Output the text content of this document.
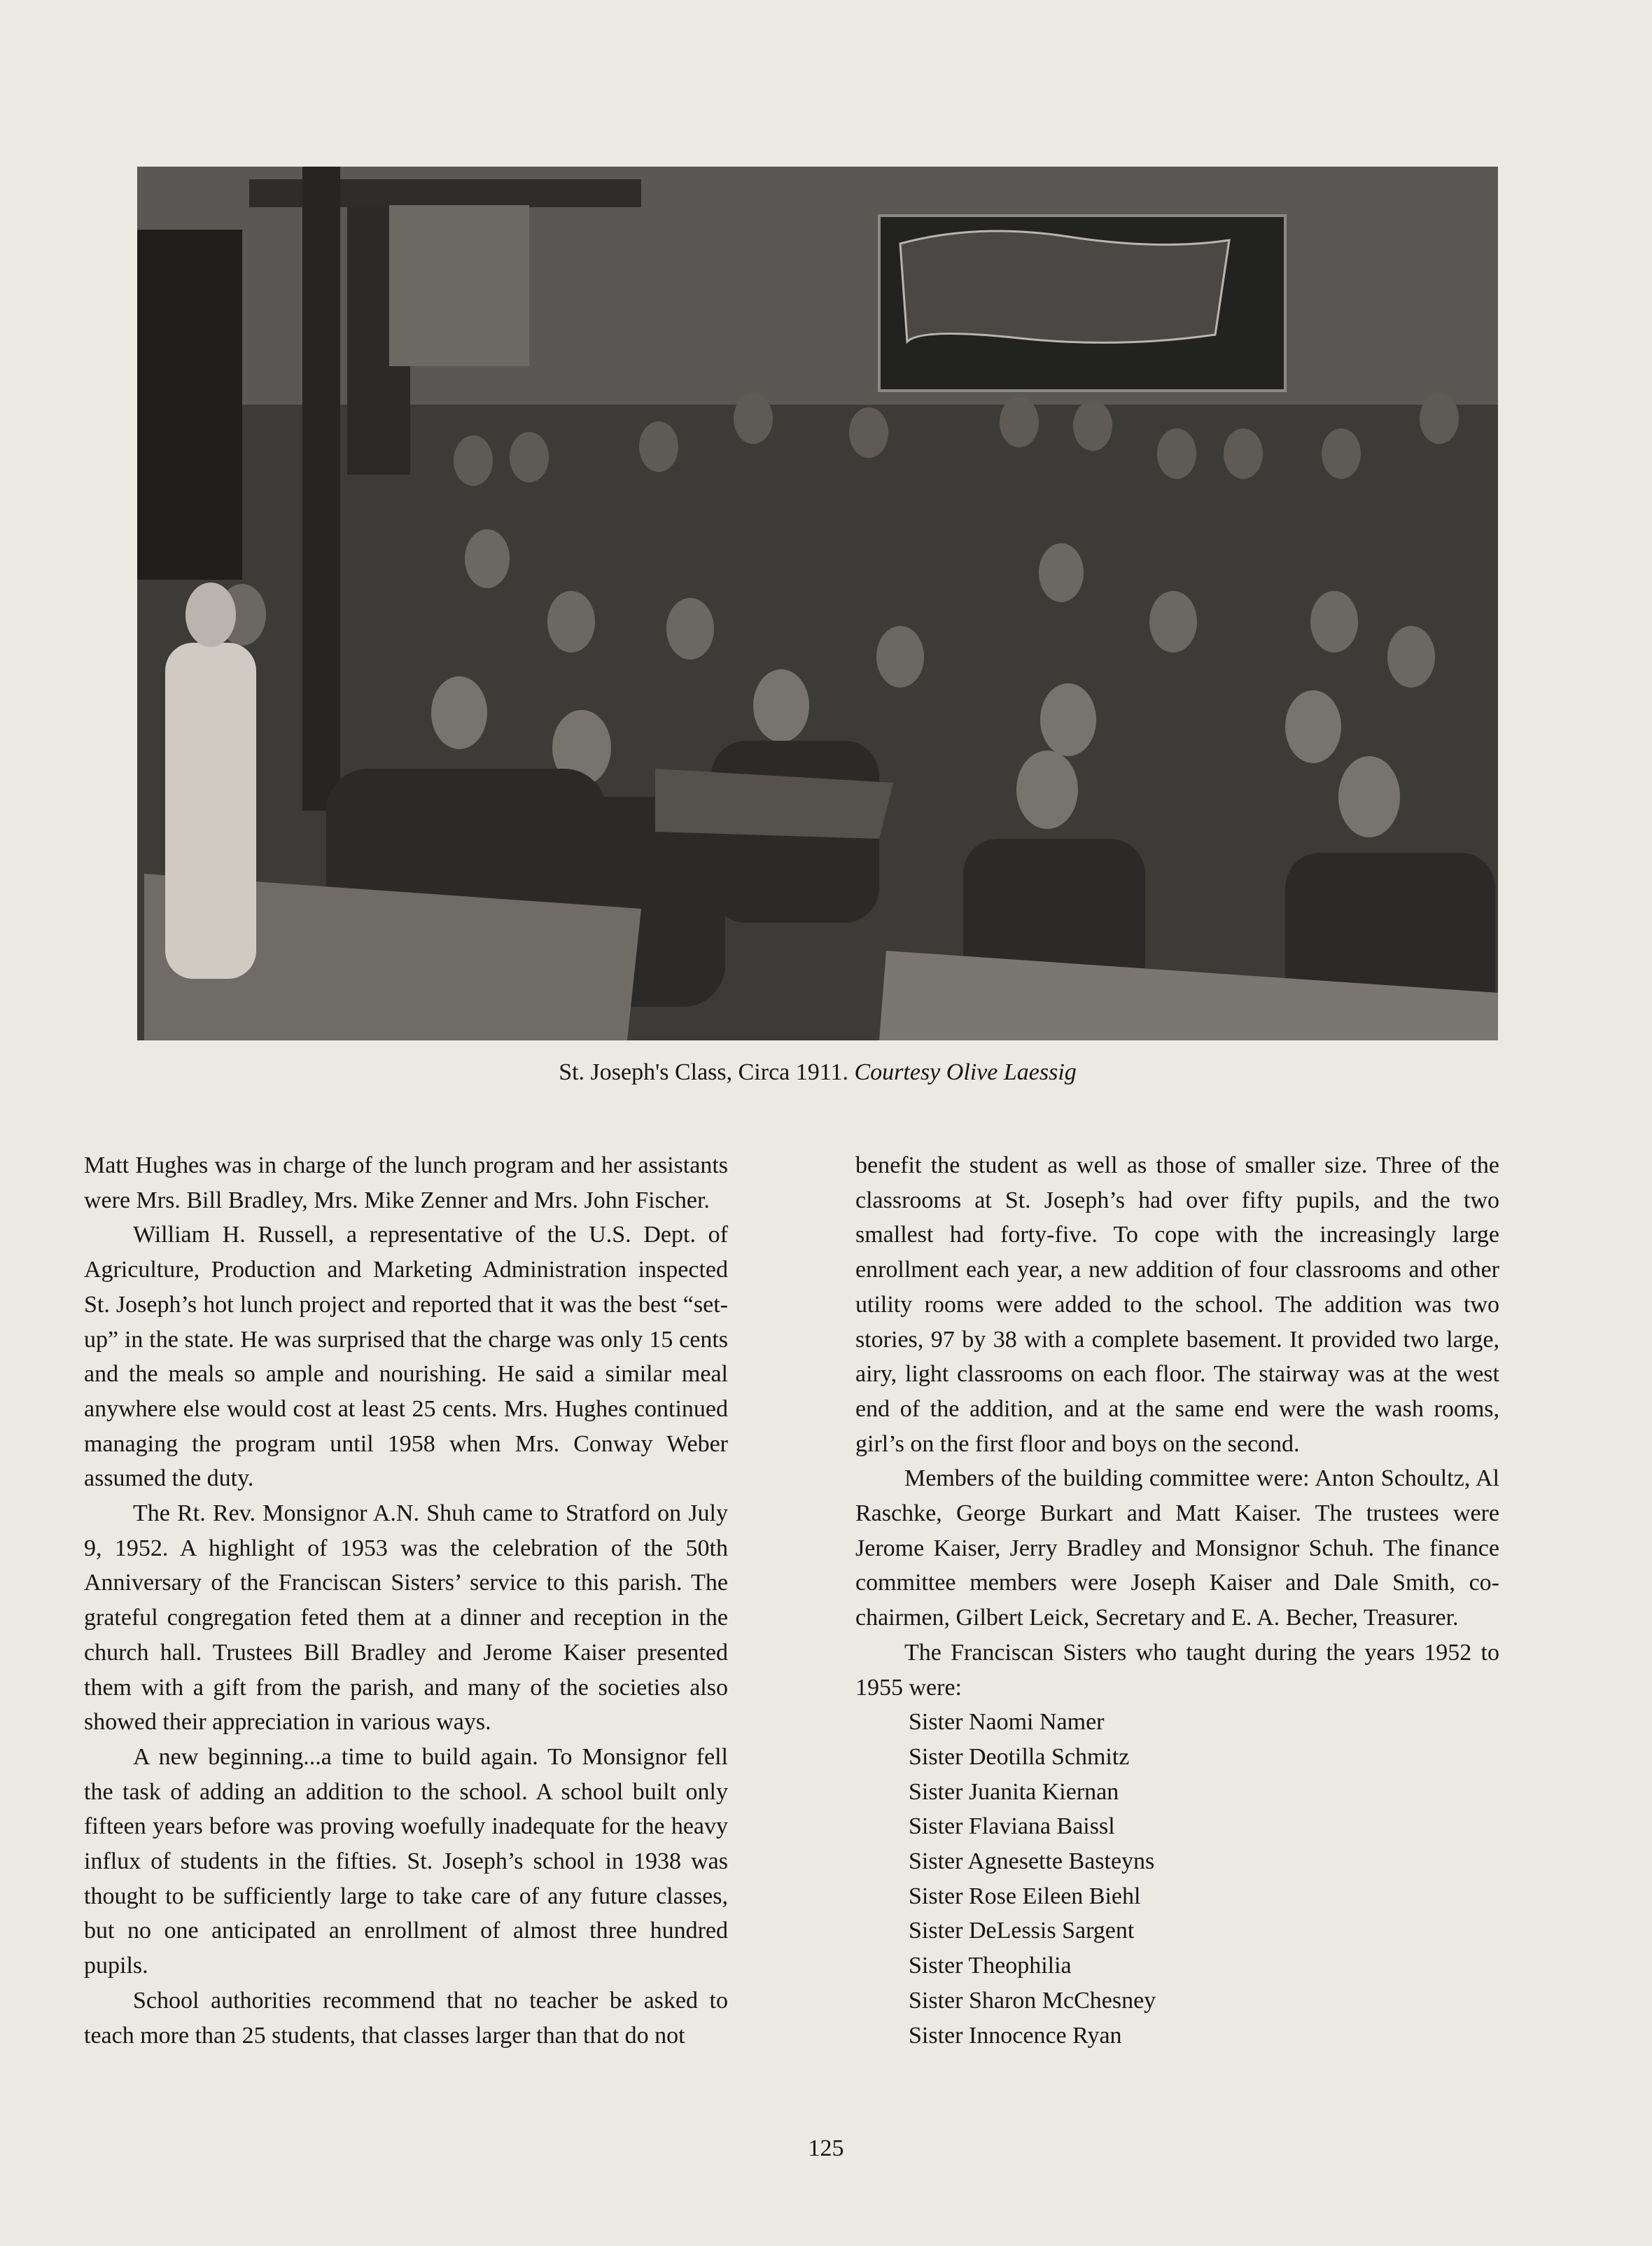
St. Joseph's Class, Circa 1911. Courtesy Olive Laessig

Matt Hughes was in charge of the lunch program and her assistants were Mrs. Bill Bradley, Mrs. Mike Zenner and Mrs. John Fischer.

William H. Russell, a representative of the U.S. Dept. of Agriculture, Production and Marketing Administration inspected St. Joseph’s hot lunch project and reported that it was the best “set-up” in the state. He was surprised that the charge was only 15 cents and the meals so ample and nourishing. He said a similar meal anywhere else would cost at least 25 cents. Mrs. Hughes continued managing the program until 1958 when Mrs. Conway Weber assumed the duty.

The Rt. Rev. Monsignor A.N. Shuh came to Stratford on July 9, 1952. A highlight of 1953 was the celebration of the 50th Anniversary of the Franciscan Sisters’ service to this parish. The grateful congregation feted them at a dinner and reception in the church hall. Trustees Bill Bradley and Jerome Kaiser presented them with a gift from the parish, and many of the societies also showed their appreciation in various ways.

A new beginning...a time to build again. To Monsignor fell the task of adding an addition to the school. A school built only fifteen years before was proving woefully inadequate for the heavy influx of students in the fifties. St. Joseph’s school in 1938 was thought to be sufficiently large to take care of any future classes, but no one anticipated an enrollment of almost three hundred pupils.

School authorities recommend that no teacher be asked to teach more than 25 students, that classes larger than that do not

benefit the student as well as those of smaller size. Three of the classrooms at St. Joseph’s had over fifty pupils, and the two smallest had forty-five. To cope with the increasingly large enrollment each year, a new addition of four classrooms and other utility rooms were added to the school. The addition was two stories, 97 by 38 with a complete basement. It provided two large, airy, light classrooms on each floor. The stairway was at the west end of the addition, and at the same end were the wash rooms, girl’s on the first floor and boys on the second.

Members of the building committee were: Anton Schoultz, Al Raschke, George Burkart and Matt Kaiser. The trustees were Jerome Kaiser, Jerry Bradley and Monsignor Schuh. The finance committee members were Joseph Kaiser and Dale Smith, co-chairmen, Gilbert Leick, Secretary and E. A. Becher, Treasurer.

The Franciscan Sisters who taught during the years 1952 to 1955 were:

Sister Naomi Namer
Sister Deotilla Schmitz
Sister Juanita Kiernan
Sister Flaviana Baissl
Sister Agnesette Basteyns
Sister Rose Eileen Biehl
Sister DeLessis Sargent
Sister Theophilia
Sister Sharon McChesney
Sister Innocence Ryan
125
